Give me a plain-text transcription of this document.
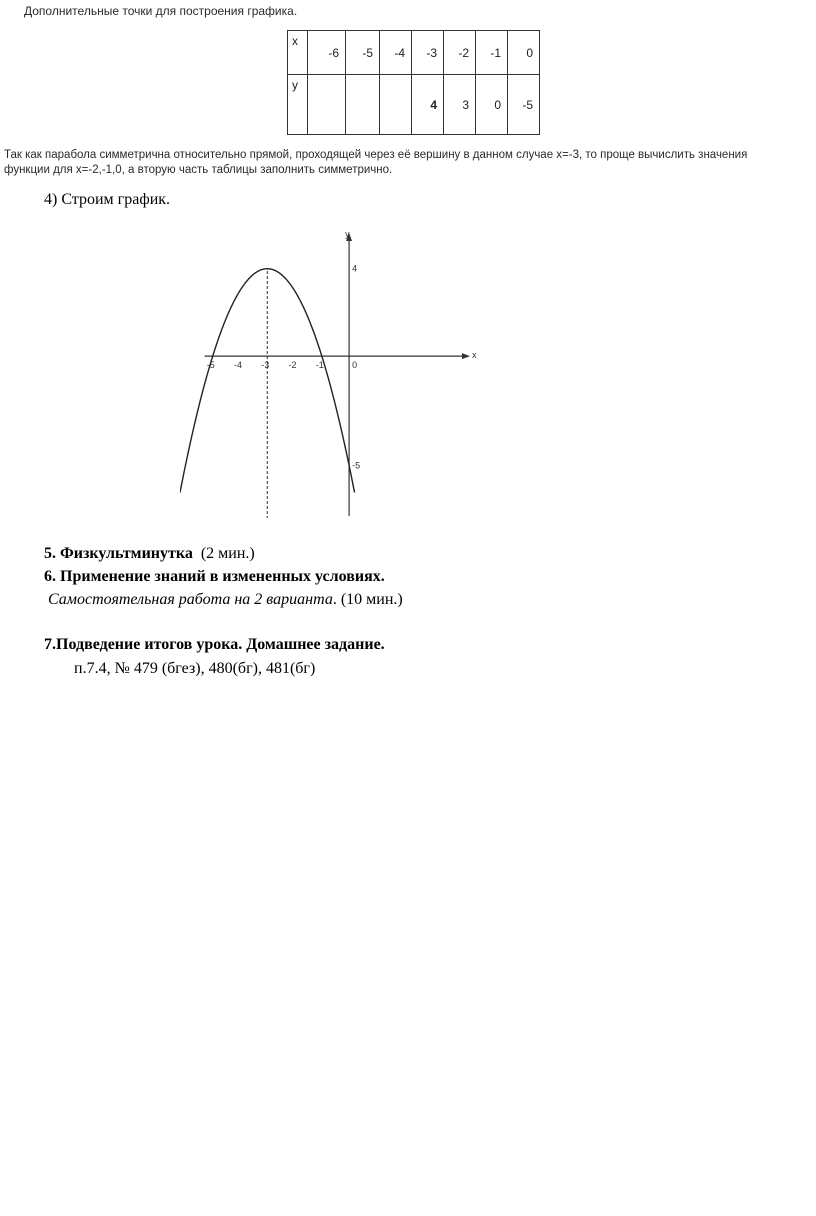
Дополнительные точки для построения графика.
x	-6	-5	-4	-3	-2	-1	0
y				4	3	0	-5
Так как парабола симметрична относительно прямой, проходящей через её вершину в данном случае x=-3, то проще вычислить значения
функции для x=-2,-1,0, а вторую часть таблицы заполнить симметрично.
4) Строим график.
x
y
-5 -4 -3 -2 -1	0
4
-5
5. Физкультминутка (2 мин.)
6. Применение знаний в измененных условиях.
Самостоятельная работа на 2 варианта. (10 мин.)
7.Подведение итогов урока. Домашнее задание.
п.7.4, № 479 (бгез), 480(бг), 481(бг)
